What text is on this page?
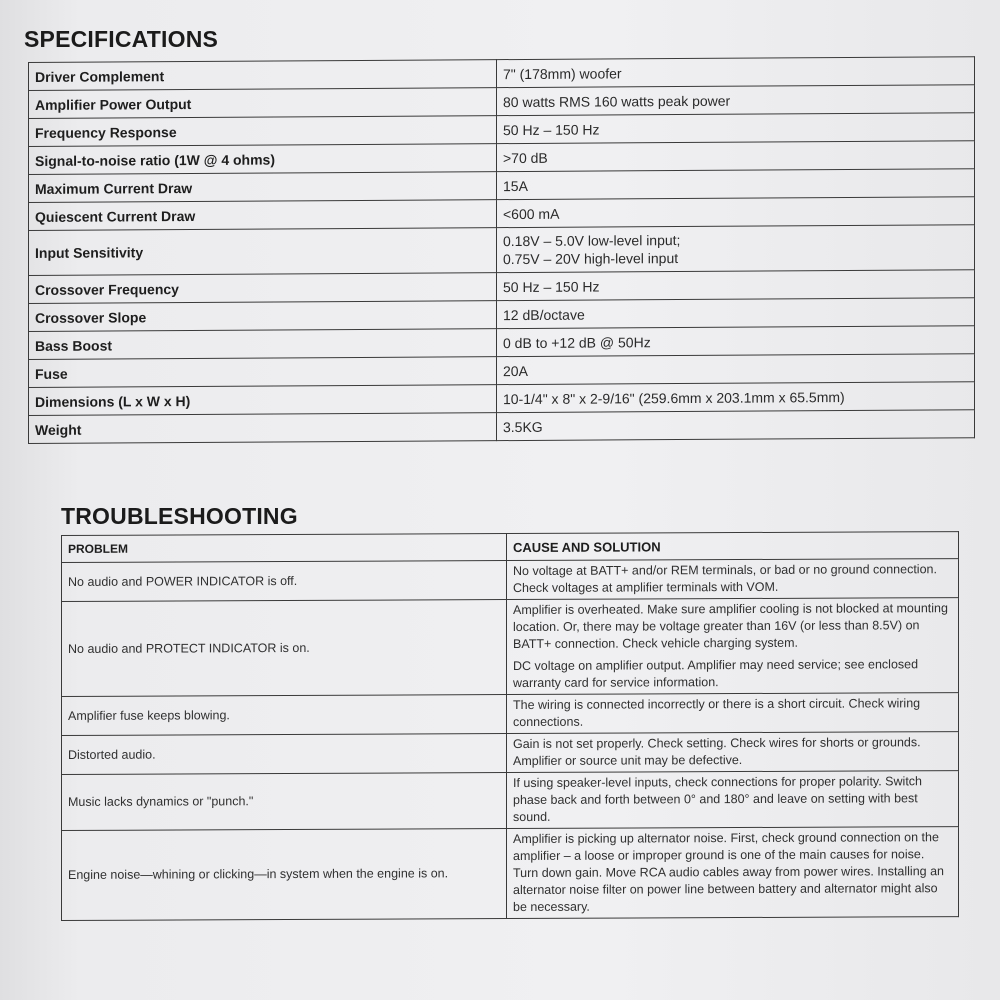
SPECIFICATIONS
Driver Complement	7" (178mm) woofer

Amplifier Power Output	80 watts RMS 160 watts peak power

Frequency Response	50 Hz – 150 Hz

Signal-to-noise ratio (1W @ 4 ohms)	>70 dB

Maximum Current Draw	15A

Quiescent Current Draw	<600 mA

Input Sensitivity	0.18V – 5.0V low-level input;
0.75V – 20V high-level input

Crossover Frequency	50 Hz – 150 Hz

Crossover Slope	12 dB/octave

Bass Boost	0 dB to +12 dB @ 50Hz

Fuse	20A

Dimensions (L x W x H)	10-1/4" x 8" x 2-9/16" (259.6mm x 203.1mm x 65.5mm)

Weight	3.5KG
TROUBLESHOOTING
PROBLEM	CAUSE AND SOLUTION
No audio and POWER INDICATOR is off.	No voltage at BATT+ and/or REM terminals, or bad or no ground connection. Check voltages at amplifier terminals with VOM.

No audio and PROTECT INDICATOR is on.	Amplifier is overheated. Make sure amplifier cooling is not blocked at mounting location. Or, there may be voltage greater than 16V (or less than 8.5V) on BATT+ connection. Check vehicle charging system.
DC voltage on amplifier output. Amplifier may need service; see enclosed warranty card for service information.

Amplifier fuse keeps blowing.	The wiring is connected incorrectly or there is a short circuit. Check wiring connections.

Distorted audio.	Gain is not set properly. Check setting. Check wires for shorts or grounds. Amplifier or source unit may be defective.

Music lacks dynamics or "punch."	If using speaker-level inputs, check connections for proper polarity. Switch phase back and forth between 0° and 180° and leave on setting with best sound.

Engine noise—whining or clicking—in system when the engine is on.	Amplifier is picking up alternator noise. First, check ground connection on the amplifier – a loose or improper ground is one of the main causes for noise. Turn down gain. Move RCA audio cables away from power wires. Installing an alternator noise filter on power line between battery and alternator might also be necessary.
